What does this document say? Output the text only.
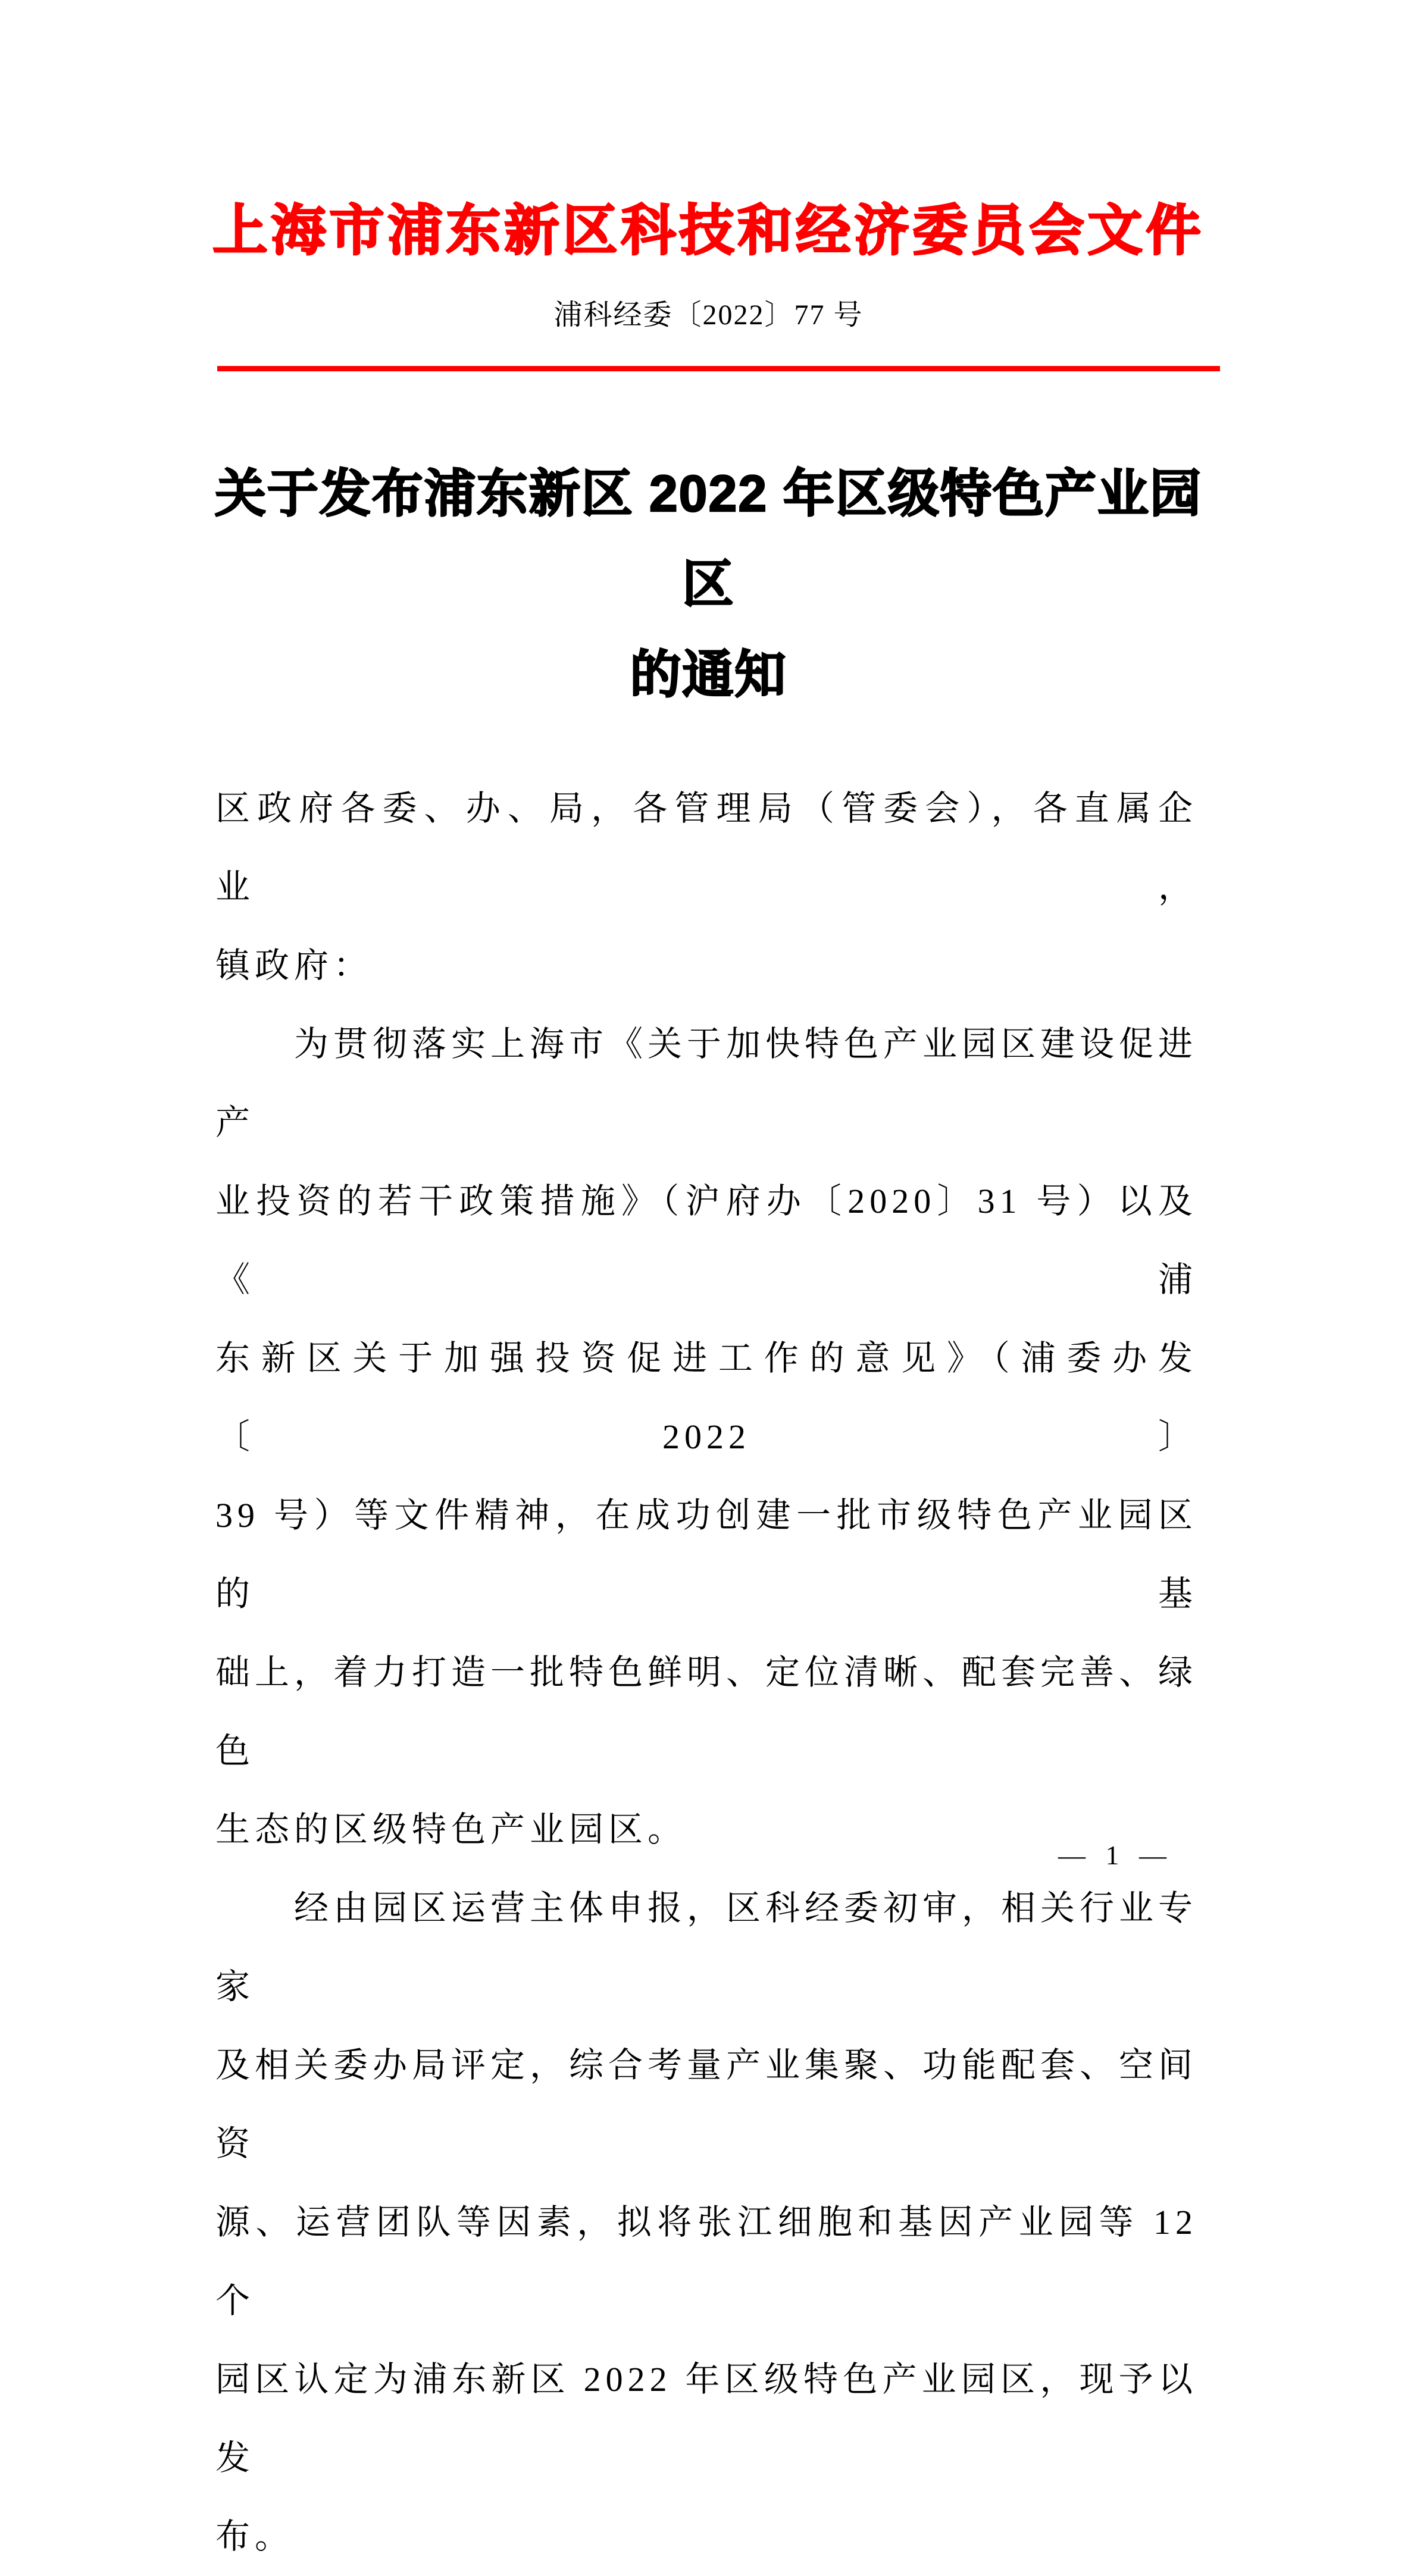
上海市浦东新区科技和经济委员会文件
浦科经委〔2022〕77 号
关于发布浦东新区 2022 年区级特色产业园
区
的通知
区政府各委、办、局，各管理局（管委会），各直属企业，
镇政府：
为贯彻落实上海市《关于加快特色产业园区建设促进产
业投资的若干政策措施》（沪府办〔2020〕31 号）以及《浦
东新区关于加强投资促进工作的意见》（浦委办发〔2022〕
39 号）等文件精神，在成功创建一批市级特色产业园区的基
础上，着力打造一批特色鲜明、定位清晰、配套完善、绿色
生态的区级特色产业园区。
经由园区运营主体申报，区科经委初审，相关行业专家
及相关委办局评定，综合考量产业集聚、功能配套、空间资
源、运营团队等因素，拟将张江细胞和基因产业园等 12 个
园区认定为浦东新区 2022 年区级特色产业园区，现予以发
布。
— 1 —
